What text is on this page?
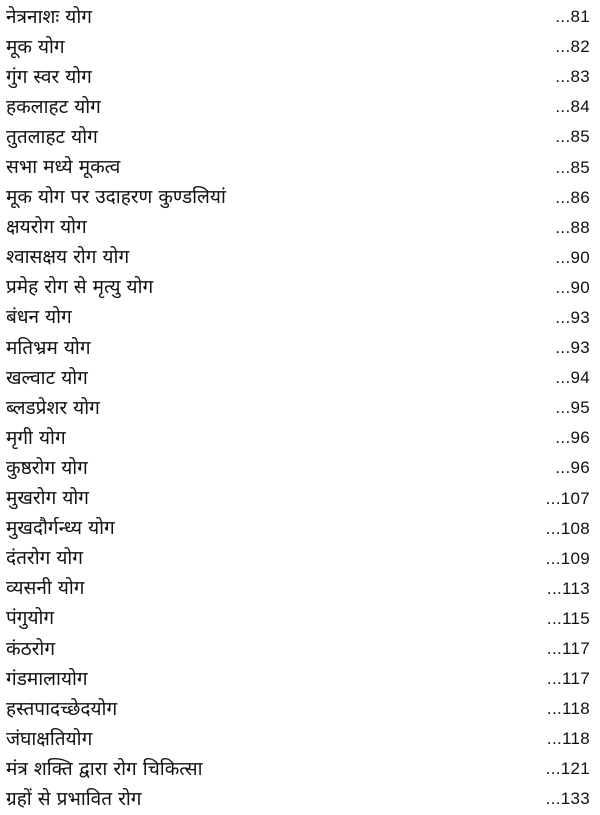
नेत्रनाशः योग	...81
मूक योग	...82
गुंग स्वर योग	...83
हकलाहट योग	...84
तुतलाहट योग	...85
सभा मध्ये मूकत्व	...85
मूक योग पर उदाहरण कुण्डलियां	...86
क्षयरोग योग	...88
श्वासक्षय रोग योग	...90
प्रमेह रोग से मृत्यु योग	...90
बंधन योग	...93
मतिभ्रम योग	...93
खल्वाट योग	...94
ब्लडप्रेशर योग	...95
मृगी योग	...96
कुष्ठरोग योग	...96
मुखरोग योग	...107
मुखदौर्गन्ध्य योग	...108
दंतरोग योग	...109
व्यसनी योग	...113
पंगुयोग	...115
कंठरोग	...117
गंडमालायोग	...117
हस्तपादच्छेदयोग	...118
जंघाक्षतियोग	...118
मंत्र शक्ति द्वारा रोग चिकित्सा	...121
ग्रहों से प्रभावित रोग	...133
